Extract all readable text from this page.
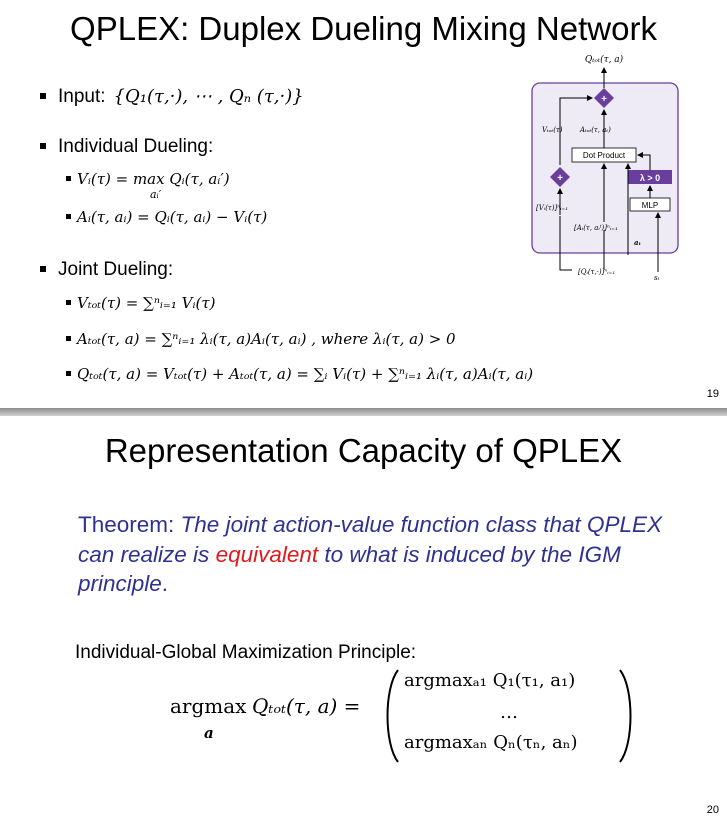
QPLEX: Duplex Dueling Mixing Network
Input: {Q₁(τ,·), ⋯ , Qₙ (τ,·)}
Individual Dueling:
Vᵢ(τ) = max Qᵢ(τ, aᵢ′)
aᵢ′
Aᵢ(τ, aᵢ) = Qᵢ(τ, aᵢ) − Vᵢ(τ)
Joint Dueling:
Vₜₒₜ(τ) = ∑ⁿᵢ₌₁ Vᵢ(τ)
Aₜₒₜ(τ, a) = ∑ⁿᵢ₌₁ λᵢ(τ, a)Aᵢ(τ, aᵢ) , where λᵢ(τ, a) > 0
Qₜₒₜ(τ, a) = Vₜₒₜ(τ) + Aₜₒₜ(τ, a) = ∑ᵢ Vᵢ(τ) + ∑ⁿᵢ₌₁ λᵢ(τ, a)Aᵢ(τ, aᵢ)
Qₜₒₜ(τ, a)
+
Vₜₒₜ(τ) Aₜₒₜ(τ, aₜ)
Dot Product
λ > 0
MLP
+
[Vᵢ(τ)]ⁿᵢ₌₁
[Aᵢ(τ, aᵢᵗ)]ⁿᵢ₌₁
aₜ
[Qᵢ(τ,·)]ⁿᵢ₌₁
sₜ
19
Representation Capacity of QPLEX
Theorem: The joint action-value function class that QPLEX can realize is equivalent to what is induced by the IGM principle.
Individual-Global Maximization Principle:
argmax Qₜₒₜ(τ, a) =
a
argmaxₐ₁ Q₁(τ₁, a₁)
…
argmaxₐₙ Qₙ(τₙ, aₙ)
20
